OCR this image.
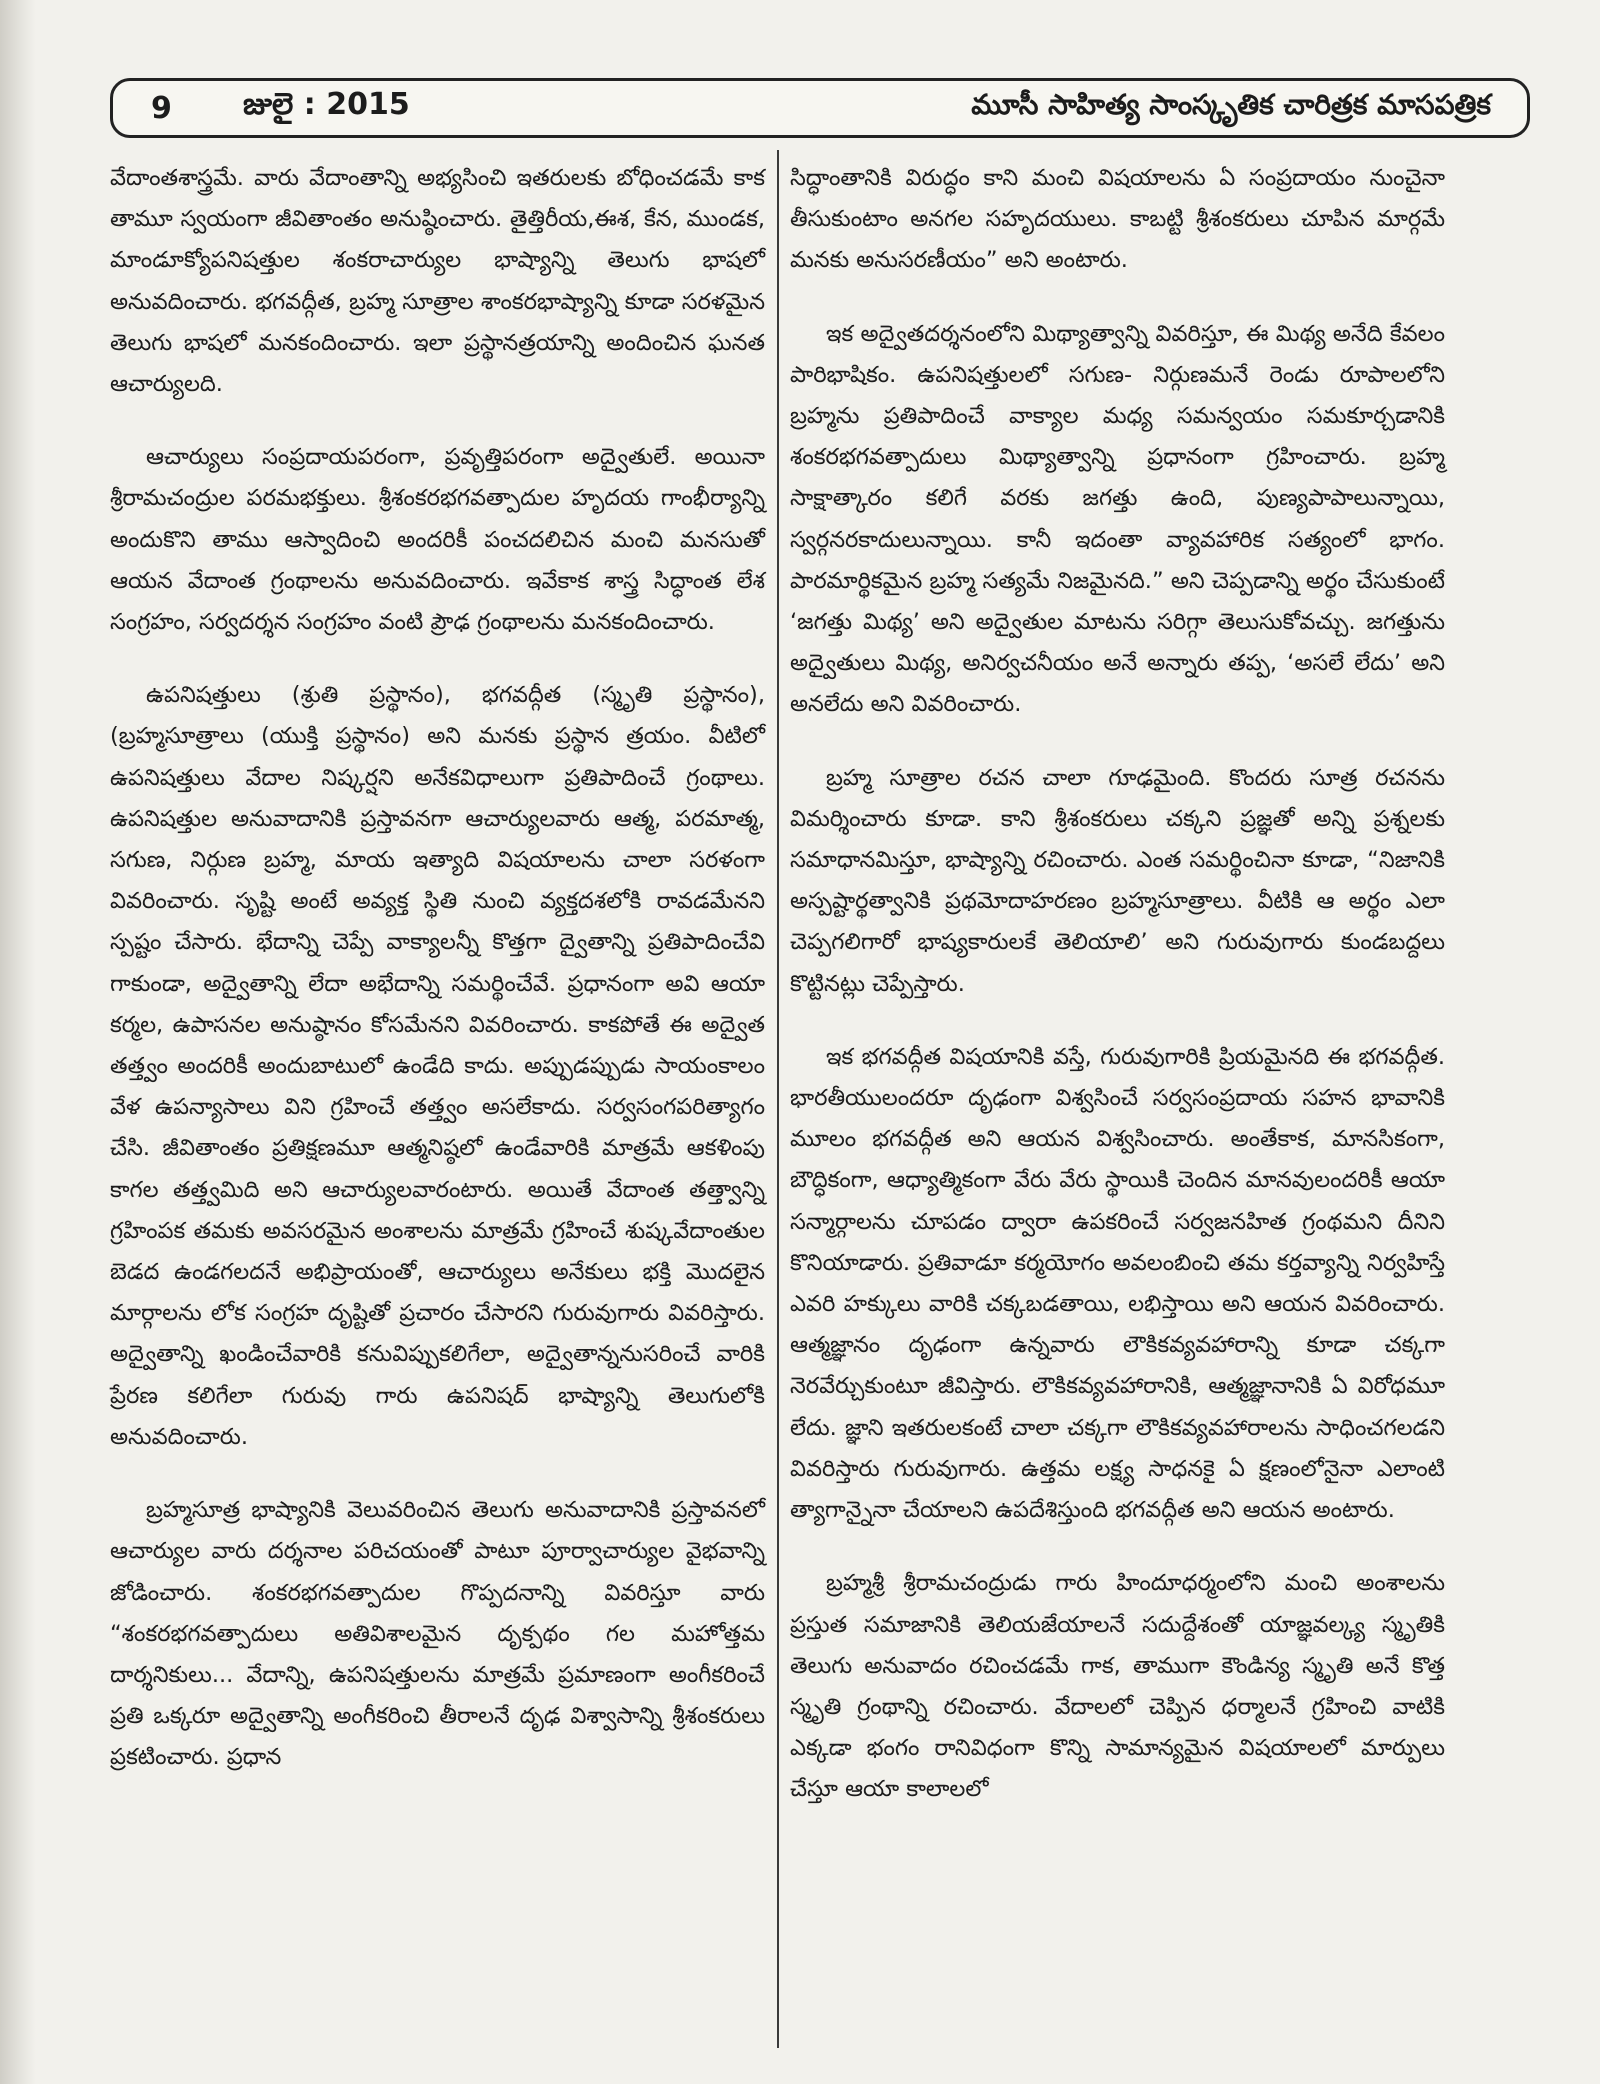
9	జులై : 2015	మూసీ సాహిత్య సాంస్కృతిక చారిత్రక మాసపత్రిక

వేదాంతశాస్త్రమే. వారు వేదాంతాన్ని అభ్యసించి ఇతరులకు బోధించడమే కాక తామూ స్వయంగా జీవితాంతం అనుష్ఠించారు. తైత్తిరీయ,ఈశ, కేన, ముండక, మాండూక్యోపనిషత్తుల శంకరాచార్యుల భాష్యాన్ని తెలుగు భాషలో అనువదించారు. భగవద్గీత, బ్రహ్మ సూత్రాల శాంకరభాష్యాన్ని కూడా సరళమైన తెలుగు భాషలో మనకందించారు. ఇలా ప్రస్థానత్రయాన్ని అందించిన ఘనత ఆచార్యులది.

ఆచార్యులు సంప్రదాయపరంగా, ప్రవృత్తిపరంగా అద్వైతులే. అయినా శ్రీరామచంద్రుల పరమభక్తులు. శ్రీశంకరభగవత్పాదుల హృదయ గాంభీర్యాన్ని అందుకొని తాము ఆస్వాదించి అందరికీ పంచదలిచిన మంచి మనసుతో ఆయన వేదాంత గ్రంథాలను అనువదించారు. ఇవేకాక శాస్త్ర సిద్ధాంత లేశ సంగ్రహం, సర్వదర్శన సంగ్రహం వంటి ప్రౌఢ గ్రంథాలను మనకందించారు.

ఉపనిషత్తులు (శ్రుతి ప్రస్థానం), భగవద్గీత (స్మృతి ప్రస్థానం), (బ్రహ్మసూత్రాలు (యుక్తి ప్రస్థానం) అని మనకు ప్రస్థాన త్రయం. వీటిలో ఉపనిషత్తులు వేదాల నిష్కర్షని అనేకవిధాలుగా ప్రతిపాదించే గ్రంథాలు. ఉపనిషత్తుల అనువాదానికి ప్రస్తావనగా ఆచార్యులవారు ఆత్మ, పరమాత్మ, సగుణ, నిర్గుణ బ్రహ్మ, మాయ ఇత్యాది విషయాలను చాలా సరళంగా వివరించారు. సృష్టి అంటే అవ్యక్త స్థితి నుంచి వ్యక్తదశలోకి రావడమేనని స్పష్టం చేసారు. భేదాన్ని చెప్పే వాక్యాలన్నీ కొత్తగా ద్వైతాన్ని ప్రతిపాదించేవి గాకుండా, అద్వైతాన్ని లేదా అభేదాన్ని సమర్థించేవే. ప్రధానంగా అవి ఆయా కర్మల, ఉపాసనల అనుష్ఠానం కోసమేనని వివరించారు. కాకపోతే ఈ అద్వైత తత్త్వం అందరికీ అందుబాటులో ఉండేది కాదు. అప్పుడప్పుడు సాయంకాలం వేళ ఉపన్యాసాలు విని గ్రహించే తత్త్వం అసలేకాదు. సర్వసంగపరిత్యాగం చేసి. జీవితాంతం ప్రతిక్షణమూ ఆత్మనిష్ఠలో ఉండేవారికి మాత్రమే ఆకళింపు కాగల తత్త్వమిది అని ఆచార్యులవారంటారు. అయితే వేదాంత తత్త్వాన్ని గ్రహింపక తమకు అవసరమైన అంశాలను మాత్రమే గ్రహించే శుష్కవేదాంతుల బెడద ఉండగలదనే అభిప్రాయంతో, ఆచార్యులు అనేకులు భక్తి మొదలైన మార్గాలను లోక సంగ్రహ దృష్టితో ప్రచారం చేసారని గురువుగారు వివరిస్తారు. అద్వైతాన్ని ఖండించేవారికి కనువిప్పుకలిగేలా, అద్వైతాన్ననుసరించే వారికి ప్రేరణ కలిగేలా గురువు గారు ఉపనిషద్ భాష్యాన్ని తెలుగులోకి అనువదించారు.

బ్రహ్మసూత్ర భాష్యానికి వెలువరించిన తెలుగు అనువాదానికి ప్రస్తావనలో ఆచార్యుల వారు దర్శనాల పరిచయంతో పాటూ పూర్వాచార్యుల వైభవాన్ని జోడించారు. శంకరభగవత్పాదుల గొప్పదనాన్ని వివరిస్తూ వారు “శంకరభగవత్పాదులు అతివిశాలమైన దృక్పథం గల మహోత్తమ దార్శనికులు... వేదాన్ని, ఉపనిషత్తులను మాత్రమే ప్రమాణంగా అంగీకరించే ప్రతి ఒక్కరూ అద్వైతాన్ని అంగీకరించి తీరాలనే దృఢ విశ్వాసాన్ని శ్రీశంకరులు ప్రకటించారు. ప్రధాన

సిద్ధాంతానికి విరుద్ధం కాని మంచి విషయాలను ఏ సంప్రదాయం నుంచైనా తీసుకుంటాం అనగల సహృదయులు. కాబట్టి శ్రీశంకరులు చూపిన మార్గమే మనకు అనుసరణీయం” అని అంటారు.

ఇక అద్వైతదర్శనంలోని మిథ్యాత్వాన్ని వివరిస్తూ, ఈ మిథ్య అనేది కేవలం పారిభాషికం. ఉపనిషత్తులలో సగుణ- నిర్గుణమనే రెండు రూపాలలోని బ్రహ్మను ప్రతిపాదించే వాక్యాల మధ్య సమన్వయం సమకూర్చడానికి శంకరభగవత్పాదులు మిథ్యాత్వాన్ని ప్రధానంగా గ్రహించారు. బ్రహ్మ సాక్షాత్కారం కలిగే వరకు జగత్తు ఉంది, పుణ్యపాపాలున్నాయి, స్వర్గనరకాదులున్నాయి. కానీ ఇదంతా వ్యావహారిక సత్యంలో భాగం. పారమార్థికమైన బ్రహ్మ సత్యమే నిజమైనది.” అని చెప్పడాన్ని అర్థం చేసుకుంటే ‘జగత్తు మిథ్య’ అని అద్వైతుల మాటను సరిగ్గా తెలుసుకోవచ్చు. జగత్తును అద్వైతులు మిథ్య, అనిర్వచనీయం అనే అన్నారు తప్ప, ‘అసలే లేదు’ అని అనలేదు అని వివరించారు.

బ్రహ్మ సూత్రాల రచన చాలా గూఢమైంది. కొందరు సూత్ర రచనను విమర్శించారు కూడా. కాని శ్రీశంకరులు చక్కని ప్రజ్ఞతో అన్ని ప్రశ్నలకు సమాధానమిస్తూ, భాష్యాన్ని రచించారు. ఎంత సమర్థించినా కూడా, “నిజానికి అస్పష్టార్థత్వానికి ప్రథమోదాహరణం బ్రహ్మసూత్రాలు. వీటికి ఆ అర్థం ఎలా చెప్పగలిగారో భాష్యకారులకే తెలియాలి’ అని గురువుగారు కుండబద్దలు కొట్టినట్లు చెప్పేస్తారు.

ఇక భగవద్గీత విషయానికి వస్తే, గురువుగారికి ప్రియమైనది ఈ భగవద్గీత. భారతీయులందరూ దృఢంగా విశ్వసించే సర్వసంప్రదాయ సహన భావానికి మూలం భగవద్గీత అని ఆయన విశ్వసించారు. అంతేకాక, మానసికంగా, బౌద్ధికంగా, ఆధ్యాత్మికంగా వేరు వేరు స్థాయికి చెందిన మానవులందరికీ ఆయా సన్మార్గాలను చూపడం ద్వారా ఉపకరించే సర్వజనహిత గ్రంథమని దీనిని కొనియాడారు. ప్రతివాడూ కర్మయోగం అవలంబించి తమ కర్తవ్యాన్ని నిర్వహిస్తే ఎవరి హక్కులు వారికి చక్కబడతాయి, లభిస్తాయి అని ఆయన వివరించారు. ఆత్మజ్ఞానం దృఢంగా ఉన్నవారు లౌకికవ్యవహారాన్ని కూడా చక్కగా నెరవేర్చుకుంటూ జీవిస్తారు. లౌకికవ్యవహారానికి, ఆత్మజ్ఞానానికి ఏ విరోధమూ లేదు. జ్ఞాని ఇతరులకంటే చాలా చక్కగా లౌకికవ్యవహారాలను సాధించగలడని వివరిస్తారు గురువుగారు. ఉత్తమ లక్ష్య సాధనకై ఏ క్షణంలోనైనా ఎలాంటి త్యాగాన్నైనా చేయాలని ఉపదేశిస్తుంది భగవద్గీత అని ఆయన అంటారు.

బ్రహ్మశ్రీ శ్రీరామచంద్రుడు గారు హిందూధర్మంలోని మంచి అంశాలను ప్రస్తుత సమాజానికి తెలియజేయాలనే సదుద్దేశంతో యాజ్ఞవల్క్య స్మృతికి తెలుగు అనువాదం రచించడమే గాక, తాముగా కౌండిన్య స్మృతి అనే కొత్త స్మృతి గ్రంథాన్ని రచించారు. వేదాలలో చెప్పిన ధర్మాలనే గ్రహించి వాటికి ఎక్కడా భంగం రానివిధంగా కొన్ని సామాన్యమైన విషయాలలో మార్పులు చేస్తూ ఆయా కాలాలలో
